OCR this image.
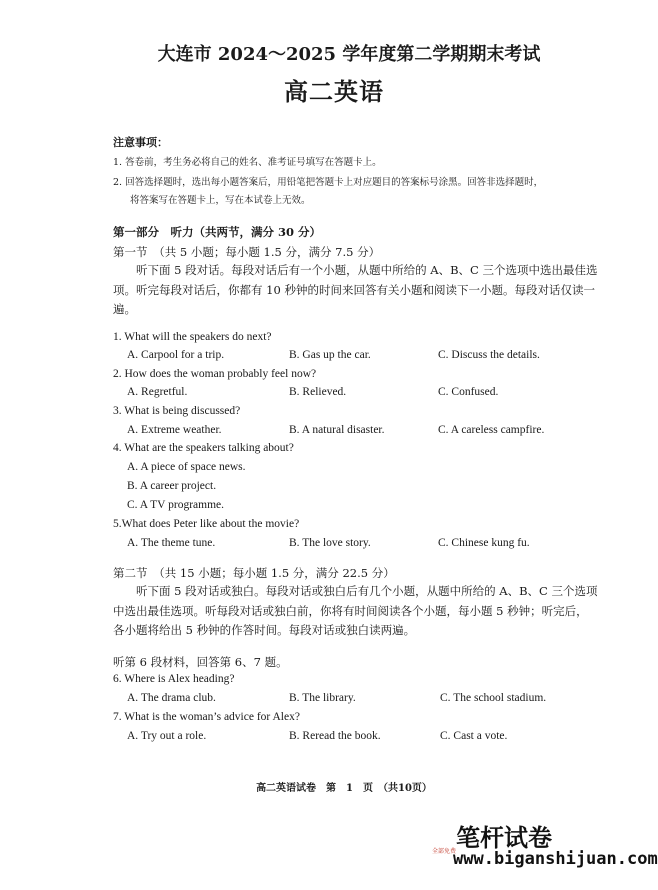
大连市 2024～2025 学年度第二学期期末考试
高二英语
注意事项：
1. 答卷前，考生务必将自己的姓名、准考证号填写在答题卡上。
2. 回答选择题时，选出每小题答案后，用铅笔把答题卡上对应题目的答案标号涂黑。回答非选择题时，
将答案写在答题卡上，写在本试卷上无效。
第一部分　听力（共两节，满分 30 分）
第一节　（共 5 小题；每小题 1.5 分，满分 7.5 分）
　　听下面 5 段对话。每段对话后有一个小题，从题中所给的 A、B、C 三个选项中选出最佳选项。听完每段对话后，你都有 10 秒钟的时间来回答有关小题和阅读下一小题。每段对话仅读一遍。
1. What will the speakers do next?
A. Carpool for a trip.	B. Gas up the car.	C. Discuss the details.
2. How does the woman probably feel now?
A. Regretful.	B. Relieved.	C. Confused.
3. What is being discussed?
A. Extreme weather.	B. A natural disaster.	C. A careless campfire.
4. What are the speakers talking about?
A. A piece of space news.
B. A career project.
C. A TV programme.
5.What does Peter like about the movie?
A. The theme tune.	B. The love story.	C. Chinese kung fu.
第二节　（共 15 小题；每小题 1.5 分，满分 22.5 分）
　　听下面 5 段对话或独白。每段对话或独白后有几个小题，从题中所给的 A、B、C 三个选项中选出最佳选项。听每段对话或独白前，你将有时间阅读各个小题，每小题 5 秒钟；听完后，各小题将给出 5 秒钟的作答时间。每段对话或独白读两遍。
听第 6 段材料，回答第 6、7 题。
6. Where is Alex heading?
A. The drama club.	B. The library.	C. The school stadium.
7. What is the woman’s advice for Alex?
A. Try out a role.	B. Reread the book.	C. Cast a vote.
高二英语试卷　第　1　页　（共10页）
笔杆试卷
全部免费
www.biganshijuan.com
